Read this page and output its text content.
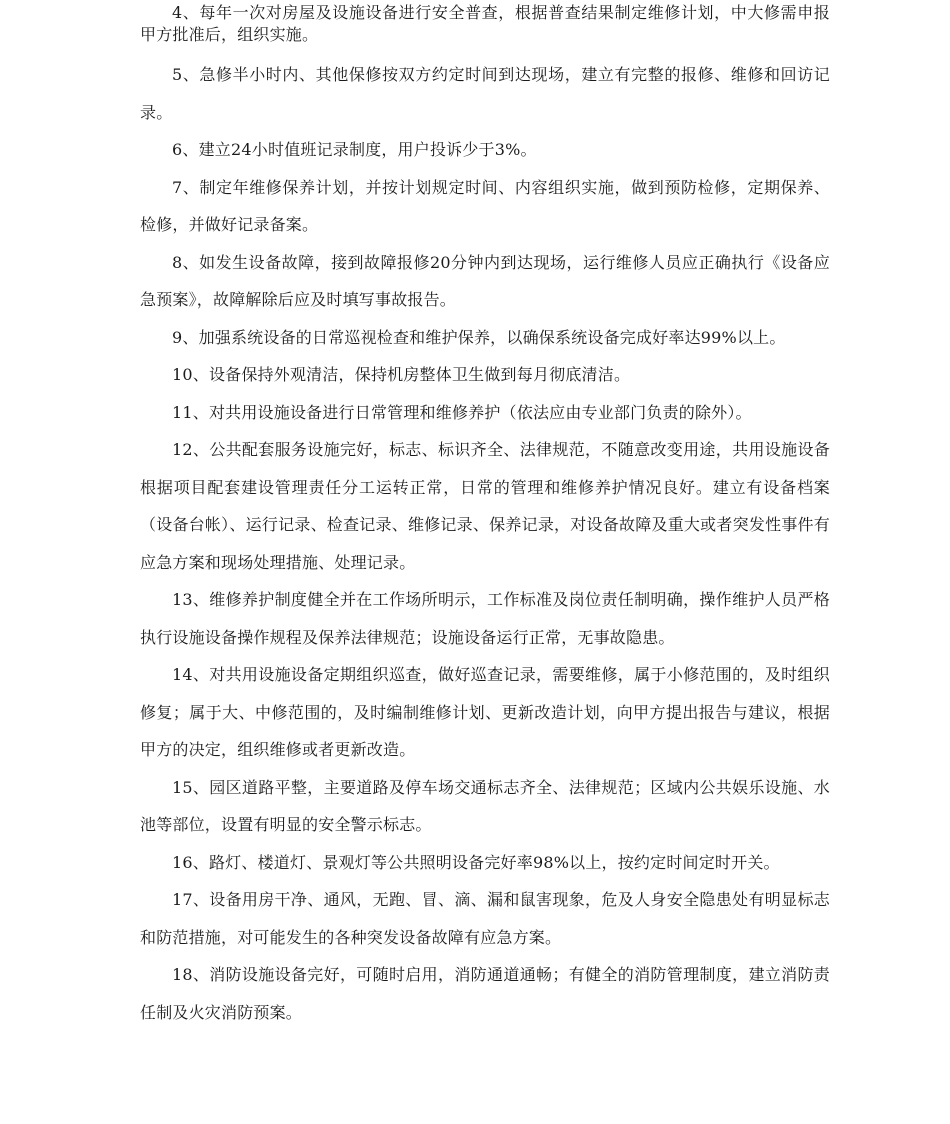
4、每年一次对房屋及设施设备进行安全普查，根据普查结果制定维修计划，中大修需申报甲方批准后，组织实施。

5、急修半小时内、其他保修按双方约定时间到达现场，建立有完整的报修、维修和回访记录。

6、建立24小时值班记录制度，用户投诉少于3%。

7、制定年维修保养计划，并按计划规定时间、内容组织实施，做到预防检修，定期保养、检修，并做好记录备案。

8、如发生设备故障，接到故障报修20分钟内到达现场，运行维修人员应正确执行《设备应急预案》，故障解除后应及时填写事故报告。

9、加强系统设备的日常巡视检查和维护保养，以确保系统设备完成好率达99%以上。

10、设备保持外观清洁，保持机房整体卫生做到每月彻底清洁。

11、对共用设施设备进行日常管理和维修养护（依法应由专业部门负责的除外）。

12、公共配套服务设施完好，标志、标识齐全、法律规范，不随意改变用途，共用设施设备根据项目配套建设管理责任分工运转正常，日常的管理和维修养护情况良好。建立有设备档案（设备台帐）、运行记录、检查记录、维修记录、保养记录，对设备故障及重大或者突发性事件有应急方案和现场处理措施、处理记录。

13、维修养护制度健全并在工作场所明示，工作标准及岗位责任制明确，操作维护人员严格执行设施设备操作规程及保养法律规范；设施设备运行正常，无事故隐患。

14、对共用设施设备定期组织巡查，做好巡查记录，需要维修，属于小修范围的，及时组织修复；属于大、中修范围的，及时编制维修计划、更新改造计划，向甲方提出报告与建议，根据甲方的决定，组织维修或者更新改造。

15、园区道路平整，主要道路及停车场交通标志齐全、法律规范；区域内公共娱乐设施、水池等部位，设置有明显的安全警示标志。

16、路灯、楼道灯、景观灯等公共照明设备完好率98%以上，按约定时间定时开关。

17、设备用房干净、通风，无跑、冒、滴、漏和鼠害现象，危及人身安全隐患处有明显标志和防范措施，对可能发生的各种突发设备故障有应急方案。

18、消防设施设备完好，可随时启用，消防通道通畅；有健全的消防管理制度，建立消防责任制及火灾消防预案。
